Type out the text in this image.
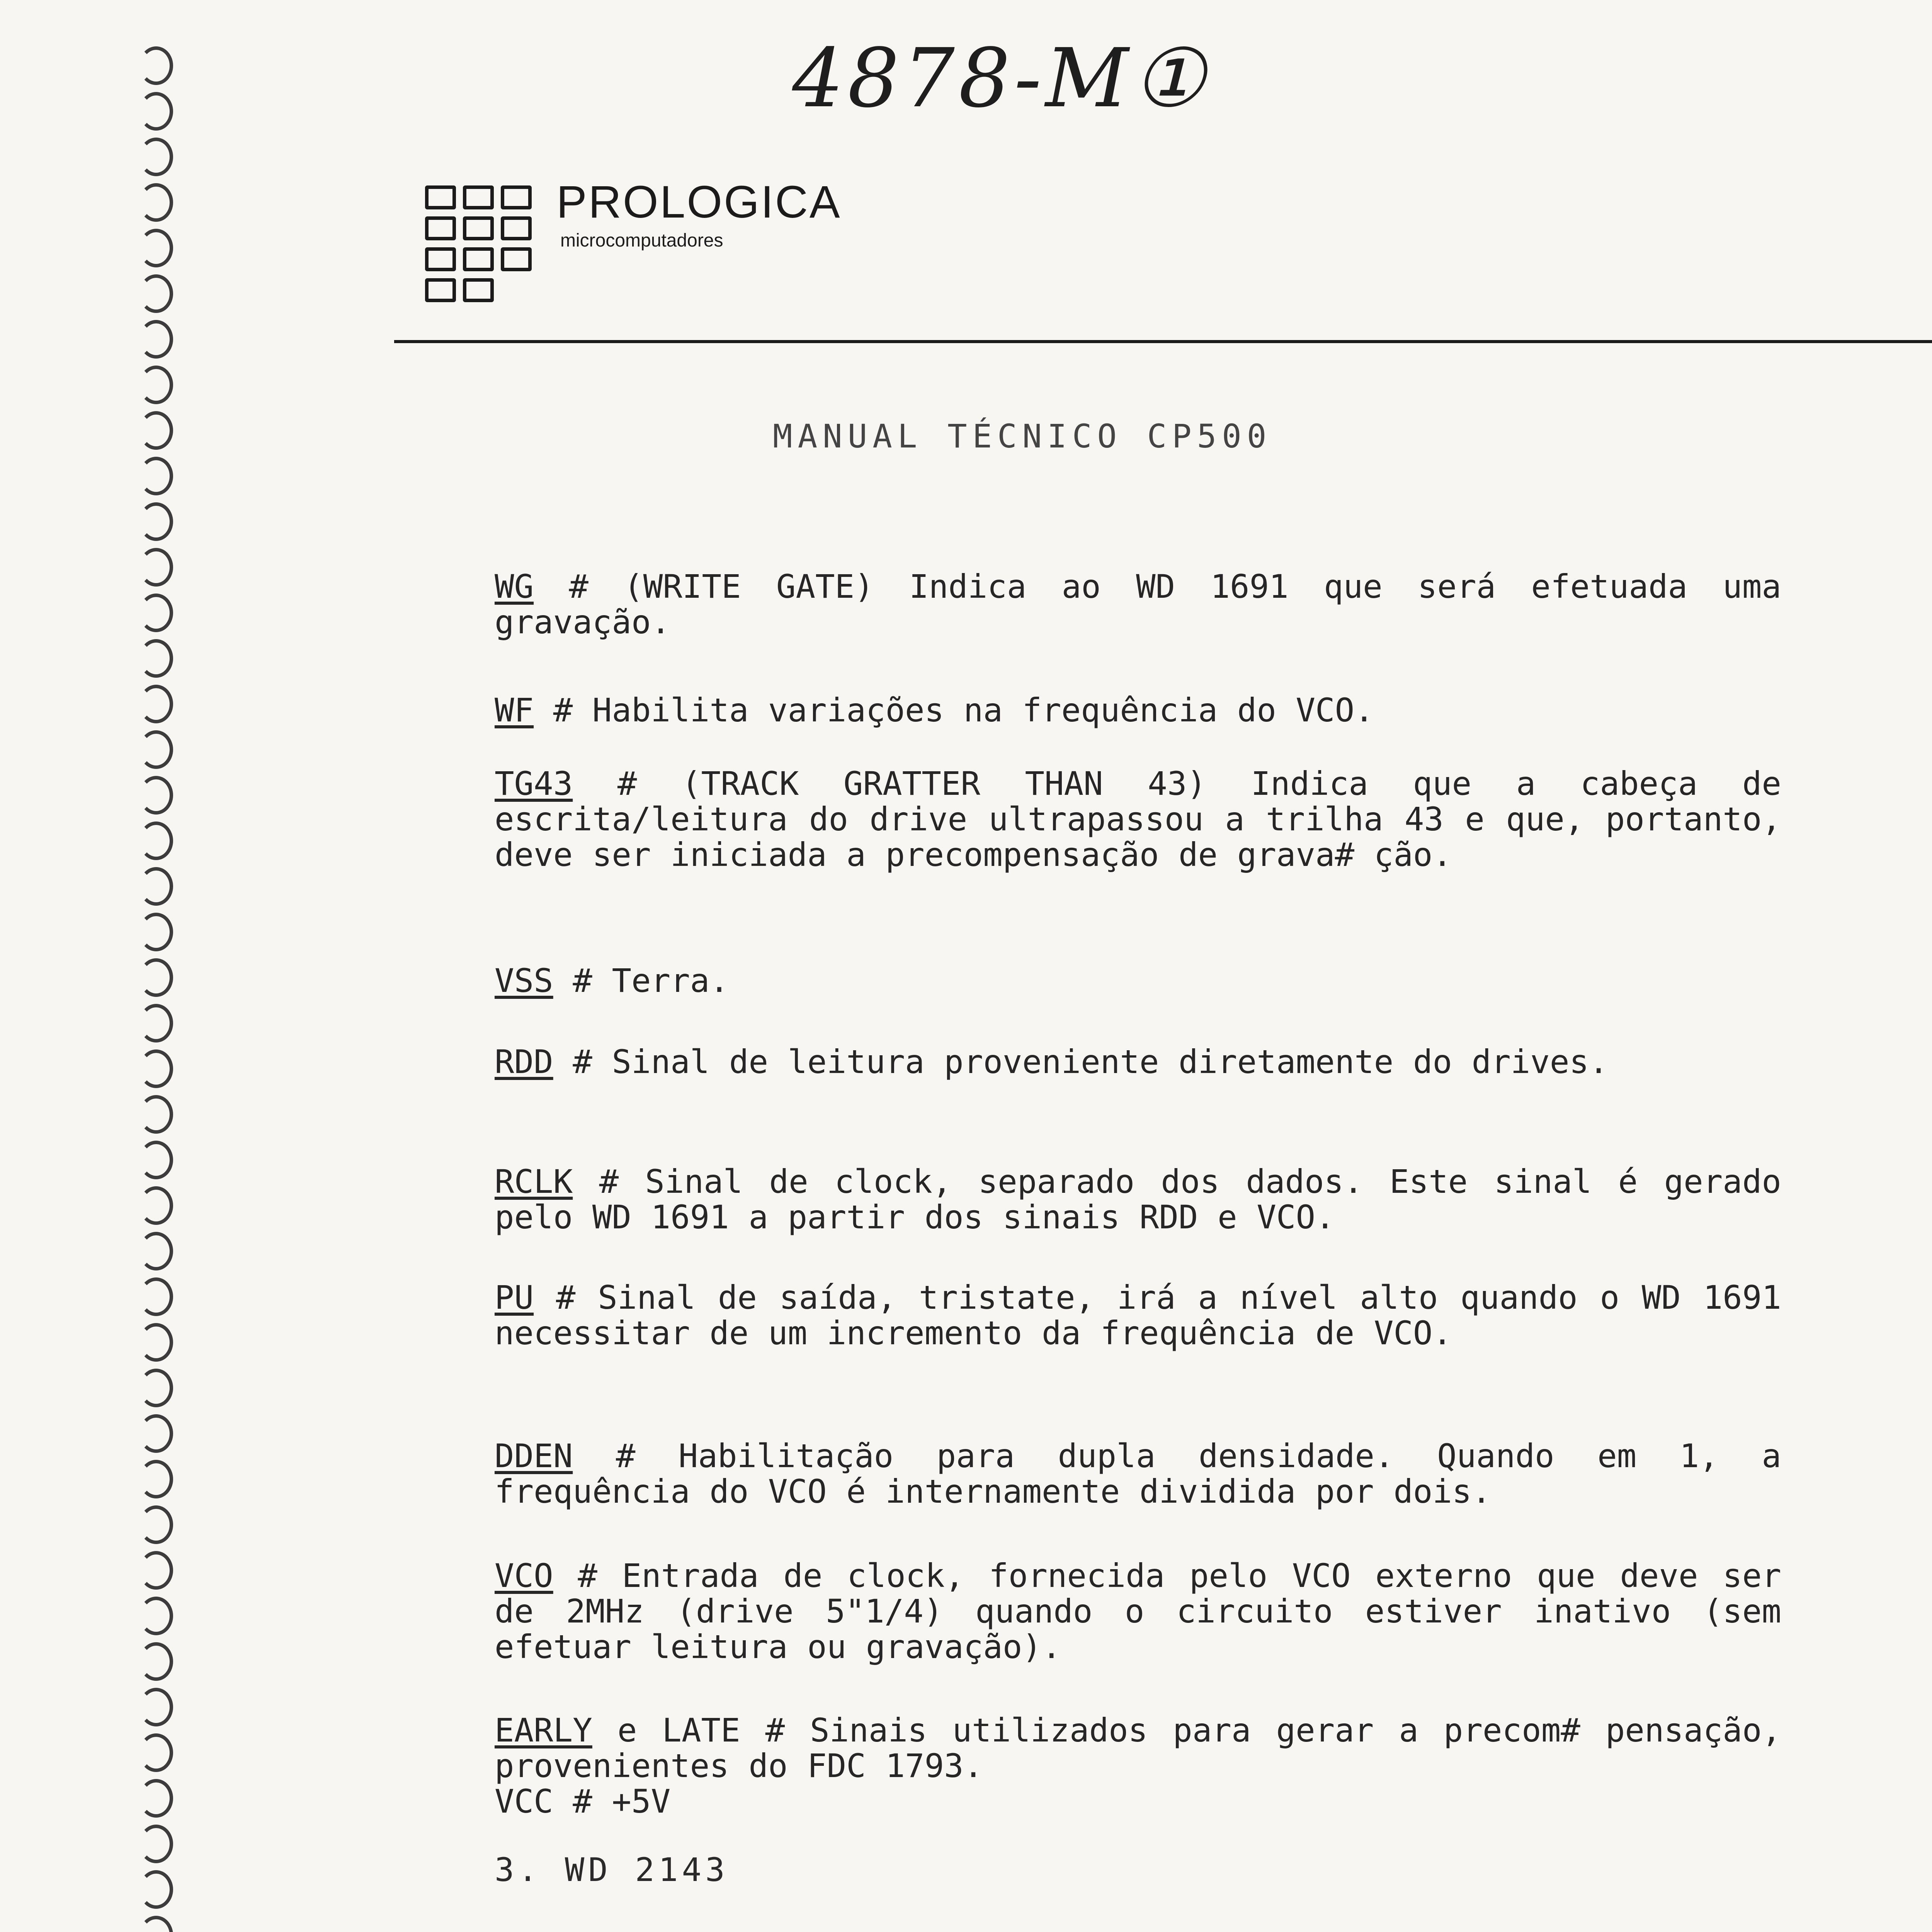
4878-M①
PROLOGICA
microcomputadores
MANUAL TÉCNICO CP500

WG # (WRITE GATE) Indica ao WD 1691 que será efetuada uma gravação.

WF # Habilita variações na frequência do VCO.

TG43 # (TRACK GRATTER THAN 43) Indica que a cabeça de escrita/leitura do drive ultrapassou a trilha 43 e que, portanto, deve ser iniciada a precompensação de grava# ção.

VSS # Terra.

RDD # Sinal de leitura proveniente diretamente do drives.

RCLK # Sinal de clock, separado dos dados. Este sinal é gerado pelo WD 1691 a partir dos sinais RDD e VCO.

PU # Sinal de saída, tristate, irá a nível alto quando o WD 1691 necessitar de um incremento da frequência de VCO.

DDEN # Habilitação para dupla densidade. Quando em 1, a frequência do VCO é internamente dividida por dois.

VCO # Entrada de clock, fornecida pelo VCO externo que deve ser de 2MHz (drive 5"1/4) quando o circuito estiver inativo (sem efetuar leitura ou gravação).

EARLY e LATE # Sinais utilizados para gerar a precom# pensação, provenientes do FDC 1793.
VCC # +5V

3. WD 2143
